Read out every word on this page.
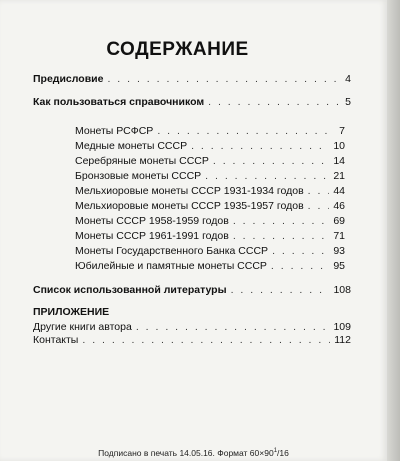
СОДЕРЖАНИЕ
Предисловие . . .	4
Как пользоваться справочником . . .	5
Монеты РСФСР . . .	7
Медные монеты СССР . . .	10
Серебряные монеты СССР . . .	14
Бронзовые монеты СССР . . .	21
Мельхиоровые монеты СССР 1931-1934 годов . . .	44
Мельхиоровые монеты СССР 1935-1957 годов . . .	46
Монеты СССР 1958-1959 годов . . .	69
Монеты СССР 1961-1991 годов . . .	71
Монеты Государственного Банка СССР . . .	93
Юбилейные и памятные монеты СССР . . .	95
Список использованной литературы . . .	108
ПРИЛОЖЕНИЕ
Другие книги автора . . .	109
Контакты . . .	112
Подписано в печать 14.05.16. Формат $60\times 90^1/16$
